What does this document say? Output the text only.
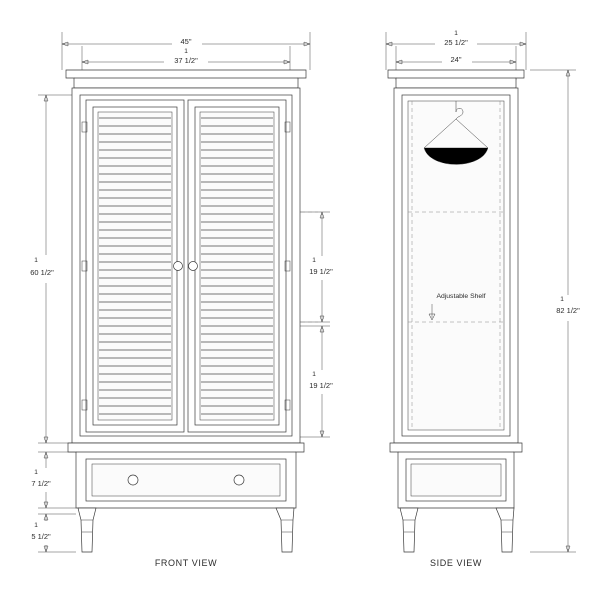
45"
1
37 1/2"
1
60 1/2"
1
7 1/2"
1
5 1/2"
1
19 1/2"
1
19 1/2"
FRONT VIEW
1
25 1/2"
24"
1
82 1/2"
Adjustable Shelf
SIDE VIEW
